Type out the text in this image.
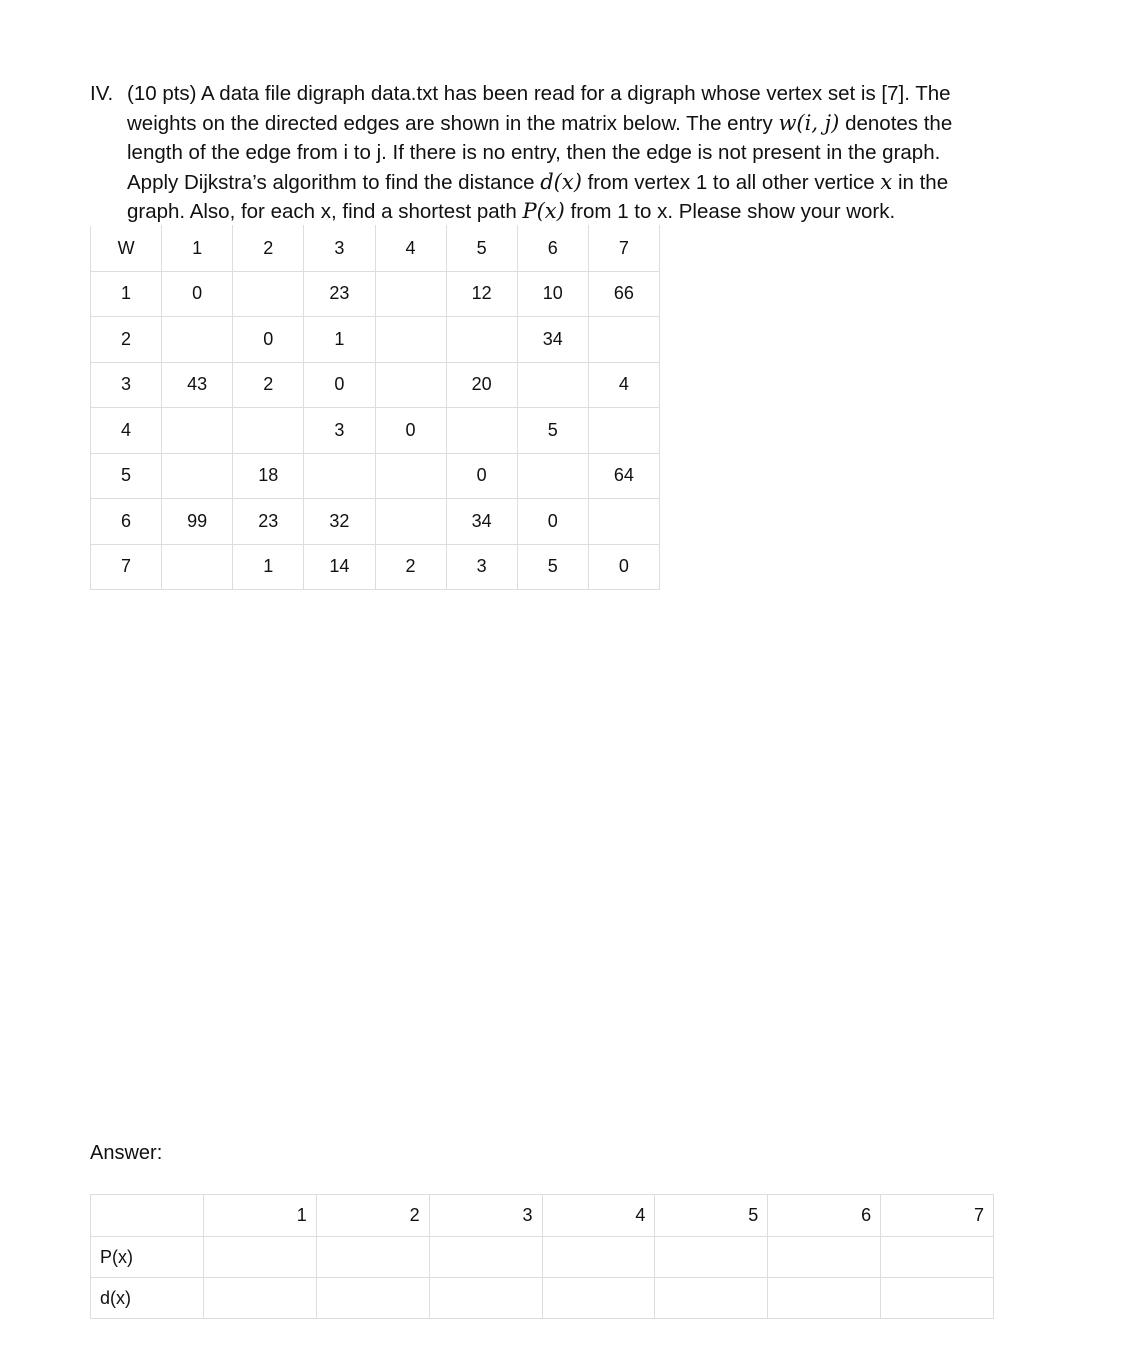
IV. (10 pts) A data file digraph data.txt has been read for a digraph whose vertex set is [7]. The
weights on the directed edges are shown in the matrix below. The entry w(i, j) denotes the
length of the edge from i to j. If there is no entry, then the edge is not present in the graph.
Apply Dijkstra’s algorithm to find the distance d(x) from vertex 1 to all other vertice x in the
graph. Also, for each x, find a shortest path P(x) from 1 to x. Please show your work.
W	1	2	3	4	5	6	7
1	0		23		12	10	66
2		0	1			34	
3	43	2	0		20		4
4			3	0		5	
5		18			0		64
6	99	23	32		34	0	
7		1	14	2	3	5	0
Answer:
	1	2	3	4	5	6	7
P(x)							
d(x)							
